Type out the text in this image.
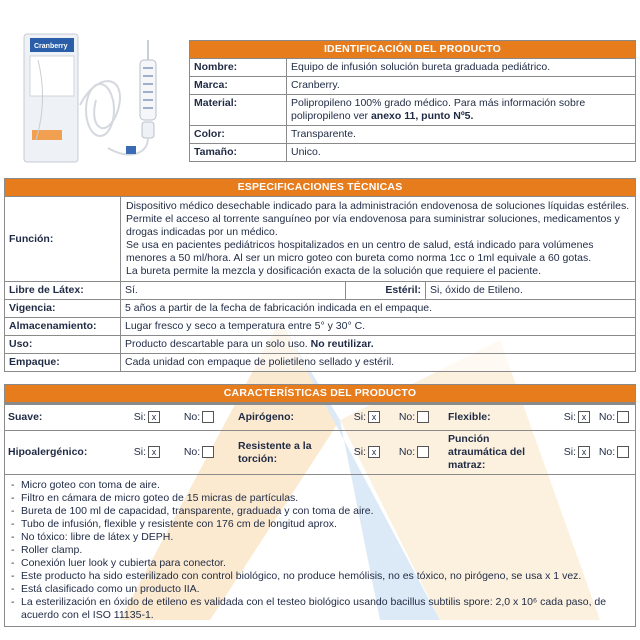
Cranberry	IDENTIFICACIÓN DEL PRODUCTO	
Nombre:	Equipo de infusión solución bureta graduada pediátrico.
Marca:	Cranberry.
Material:	Polipropileno 100% grado médico. Para más información sobre polipropileno ver anexo 11, punto Nº5.
Color:	Transparente.
Tamaño:	Unico.
ESPECIFICACIONES TÉCNICAS			
Función:	Dispositivo médico desechable indicado para la administración endovenosa de soluciones líquidas estériles. Permite el acceso al torrente sanguíneo por vía endovenosa para suministrar soluciones, medicamentos y drogas indicadas por un médico.
Se usa en pacientes pediátricos hospitalizados en un centro de salud, está indicado para volúmenes menores a 50 ml/hora. Al ser un micro goteo con bureta como norma 1cc o 1ml equivale a 60 gotas.
La bureta permite la mezcla y dosificación exacta de la solución que requiere el paciente.		

Libre de Látex:	Sí.	Estéril:	Si, óxido de Etileno.
Vigencia:	5 años a partir de la fecha de fabricación indicada en el empaque.		
Almacenamiento:	Lugar fresco y seco a temperatura entre 5° y 30° C.		
Uso:	Producto descartable para un solo uso. No reutilizar.		
Empaque:	Cada unidad con empaque de polietileno sellado y estéril.		
CARACTERÍSTICAS DEL PRODUCTO
Suave:	Si: x	No:	Apirógeno:	Si: x	No:	Flexible:	Si: x	No:
Hipoalergénico:	Si: x	No:	Resistente a la torción:	Si: x	No:	Punción atraumática del matraz:	Si: x	No:
- Micro goteo con toma de aire.
- Filtro en cámara de micro goteo de 15 micras de partículas.
- Bureta de 100 ml de capacidad, transparente, graduada y con toma de aire.
- Tubo de infusión, flexible y resistente con 176 cm de longitud aprox.
- No tóxico: libre de látex y DEPH.
- Roller clamp.
- Conexión luer look y cubierta para conector.
- Este producto ha sido esterilizado con control biológico, no produce hemólisis, no es tóxico, no pirógeno, se usa x 1 vez.
- Está clasificado como un producto IIA.
- La esterilización en óxido de etileno es validada con el testeo biológico usando bacillus subtilis spore: 2,0 x 10⁶ cada paso, de acuerdo con el ISO 11135-1.
